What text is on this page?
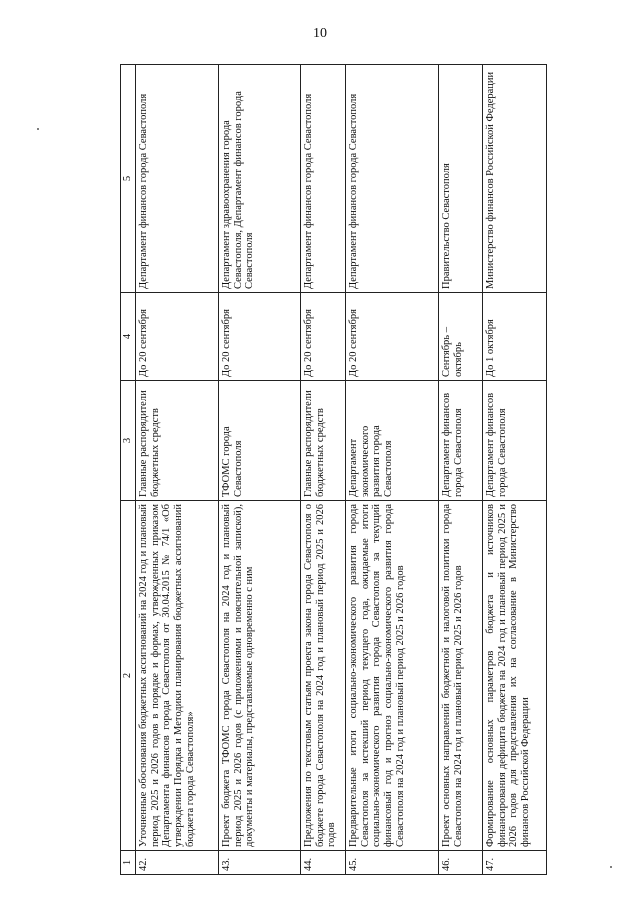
10
1	2	3	4	5
42.	Уточненные обоснования бюджетных ассигнований на 2024 год и плановый период 2025 и 2026 годов в порядке и формах, утвержденных приказом Департамента финансов города Севастополя от 30.04.2015 № 74/1 «Об утверждении Порядка и Методики планирования бюджетных ассигнований бюджета города Севастополя»	Главные распорядители бюджетных средств	До 20 сентября	Департамент финансов города Севастополя
43.	Проект бюджета ТФОМС города Севастополя на 2024 год и плановый период 2025 и 2026 годов (с приложениями и пояснительной запиской), документы и материалы, представляемые одновременно с ним	ТФОМС города Севастополя	До 20 сентября	Департамент здравоохранения города Севастополя, Департамент финансов города Севастополя
44.	Предложения по текстовым статьям проекта закона города Севастополя о бюджете города Севастополя на 2024 год и плановый период 2025 и 2026 годов	Главные распорядители бюджетных средств	До 20 сентября	Департамент финансов города Севастополя
45.	Предварительные итоги социально-экономического развития города Севастополя за истекший период текущего года, ожидаемые итоги социально-экономического развития города Севастополя за текущий финансовый год и прогноз социально-экономического развития города Севастополя на 2024 год и плановый период 2025 и 2026 годов	Департамент экономического развития города Севастополя	До 20 сентября	Департамент финансов города Севастополя
46.	Проект основных направлений бюджетной и налоговой политики города Севастополя на 2024 год и плановый период 2025 и 2026 годов	Департамент финансов города Севастополя	Сентябрь – октябрь	Правительство Севастополя
47.	Формирование основных параметров бюджета и источников финансирования дефицита бюджета на 2024 год и плановый период 2025 и 2026 годов для представления их на согласование в Министерство финансов Российской Федерации	Департамент финансов города Севастополя	До 1 октября	Министерство финансов Российской Федерации
